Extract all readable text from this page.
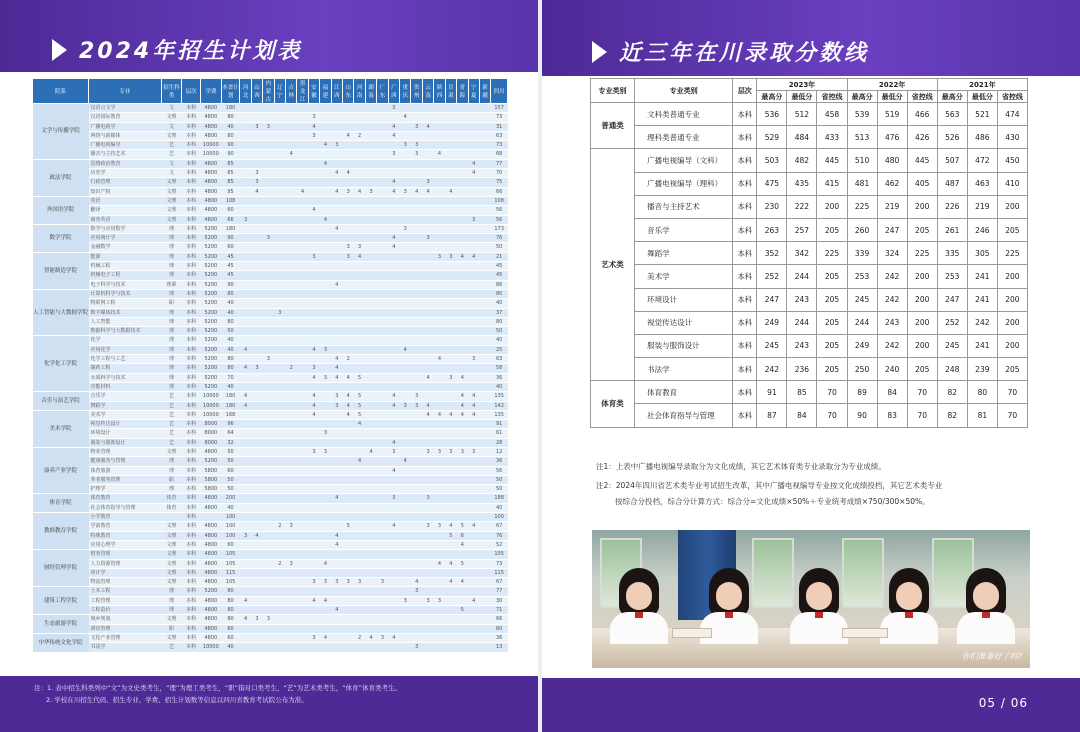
2024年招生计划表
院系	专业	招生科类	层次	学费	本省计划	河北	山西	内蒙古	辽宁	吉林	黑龙江	安徽	福建	江西	山东	河南	湖南	广东	广西	重庆	贵州	云南	陕西	甘肃	青海	宁夏	新疆	四川
文学与传播学院	汉语言文学	文	本科	4800	180														3									157
	汉语国际教育	文理	本科	4800	80							3								4								73
	广播电视学	文	本科	4800	40		3	3				4							4		3	4						31
	网络与新媒体	文理	本科	4800	80							3			4	2			4									63
	广播电视编导	艺	本科	10000	90								4	3						3	3							73
	播音与主持艺术	艺	本科	10000	90					4									3		3		4					68
政法学院	思想政治教育	文	本科	4800	85								4													4		77
	历史学	文	本科	4800	85		3							4	4											4		70
	行政管理	文理	本科	4800	85		3												4			3						75
	知识产权	文理	本科	4800	95		4				4			4	3	4	3		4	3	4	4		4				66
外国语学院	英语	文理	本科	4800	108																							108
	翻译	文理	本科	4800	60							4																56
	商务英语	文理	本科	4800	66	3							4													3		56
数学学院	数学与应用数学	理	本科	5200	180									4						3								173
	应用统计学	理	本科	5200	90			3											4			3						76
	金融数学	理	本科	5200	60										3	3			4									50
智能制造学院	能源	理	本科	5200	45							3			3	4							3	3	4	4		21
	机械工程	理	本科	5200	45																							45
	机械电子工程	理	本科	5200	45																							45
	电子科学与技术	理职	本科	5200	90									4														86
人工智能与大数据学院	计算机科学与技术	理	本科	5200	80																							80
	物联网工程	职	本科	5200	40																							40
	数字媒体技术	理	本科	5200	40				3																			37
	人工智能	理	本科	5200	80																							80
	数据科学与大数据技术	理	本科	5200	50																							50
化学化工学院	化学	理	本科	5200	40																							40
	应用化学	理	本科	5200	40	4						4	3							4								25
	化学工程与工艺	理	本科	5200	80			3						4	2								4			3		63
	制药工程	理	本科	5200	80	4	3			2		3		4														58
	水质科学与技术	理	本科	5200	70							4	3	4	4	5						4		3	4			36
	功能材料	理	本科	5200	40																							40
音乐与演艺学院	音乐学	艺	本科	10000	180	4						4		3	4	5			4		3				4	4		135
	舞蹈学	艺	本科	10000	180	4						4		3	4	5			4	3	3	4			4	4		142
美术学院	美术学	艺	本科	10000	168							4			4	5						4	4	4	4	4		135
	视觉传达设计	艺	本科	8000	96											4												91
	环境设计	艺	本科	8000	64								3															61
	服装与服饰设计	艺	本科	8000	32														4									28
康养产业学院	物业管理	文理	本科	4800	50							3	3				4		3			3	3	3	3	3		12
	健康服务与管理	理	本科	5200	50											4				4								36
	体育旅游	理	本科	5800	60														4									56
	养老服务管理	职	本科	5800	50																							50
	护理学	理	本科	5800	50																							50
体育学院	体育教育	体育	本科	4800	200									4					3			3						188
	社会体育指导与管理	体育	本科	4800	40																							40
教师教育学院	小学教育		本科		100																							100
	学前教育	文理	本科	4800	100				2	3					5				4			3	3	4	5	4		67
	特殊教育	文理	本科	4800	100	3	4							4										5	6			76
	应用心理学	文理	本科	4800	60									4											4			52
财经管理学院	财务管理	文理	本科	4800	105																							105
	人力资源管理	文理	本科	4800	105				2	3			4										4	4	5			73
	审计学	文理	本科	4800	115																							115
	物流管理	文理	本科	4800	105							3	3	3	3	3		3			4			4	4			67
建筑工程学院	土木工程	理	本科	5200	80																3							77
	工程管理	理	本科	4800	80	4						4	4							3		3	3			4		30
	工程造价	理	本科	4800	80									4											5			71
生态旅游学院	城乡规划	文理	本科	4800	80	4	3	3																				66
	酒店管理	职	本科	4800	60																							60
中华传统文化学院	文化产业管理	文理	本科	4800	60							3	4			2	4	3	4									36
	书法学	艺	本科	10000	40																3							13
注：1. 表中招生科类列中“文”为文史类考生，“理”为理工类考生，“职”指对口类考生，“艺”为艺术类考生，“体育”体育类考生。
2. 学校在川招生代码、招生专业、学费、招生计划数等信息以四川省教育考试院公布为准。
近三年在川录取分数线
专业类别	专业类别	层次	2023年			2022年			2021年		
			最高分	最低分	省控线	最高分	最低分	省控线	最高分	最低分	省控线
普通类	文科类普通专业	本科	536	512	458	539	519	466	563	521	474
	理科类普通专业	本科	529	484	433	513	476	426	526	486	430
艺术类	广播电视编导（文科）	本科	503	482	445	510	480	445	507	472	450
	广播电视编导（理科）	本科	475	435	415	481	462	405	487	463	410
	播音与主持艺术	本科	230	222	200	225	219	200	226	219	200
	音乐学	本科	263	257	205	260	247	205	261	246	205
	舞蹈学	本科	352	342	225	339	324	225	335	305	225
	美术学	本科	252	244	205	253	242	200	253	241	200
	环境设计	本科	247	243	205	245	242	200	247	241	200
	视觉传达设计	本科	249	244	205	244	243	200	252	242	200
	服装与服饰设计	本科	245	243	205	249	242	200	245	241	200
	书法学	本科	242	236	205	250	240	205	248	239	205
体育类	体育教育	本科	91	85	70	89	84	70	82	80	70
	社会体育指导与管理	本科	87	84	70	90	83	70	82	81	70
注1：上表中广播电视编导录取分为文化成绩，其它艺术体育类专业录取分为专业成绩。
注2：2024年四川省艺术类专业考试招生改革，其中广播电视编导专业按文化成绩投档，其它艺术类专业
按综合分投档，综合分计算方式：综合分=文化成绩×50%＋专业统考成绩×750/300×50%。
你们准备好了吗?
05 / 06
